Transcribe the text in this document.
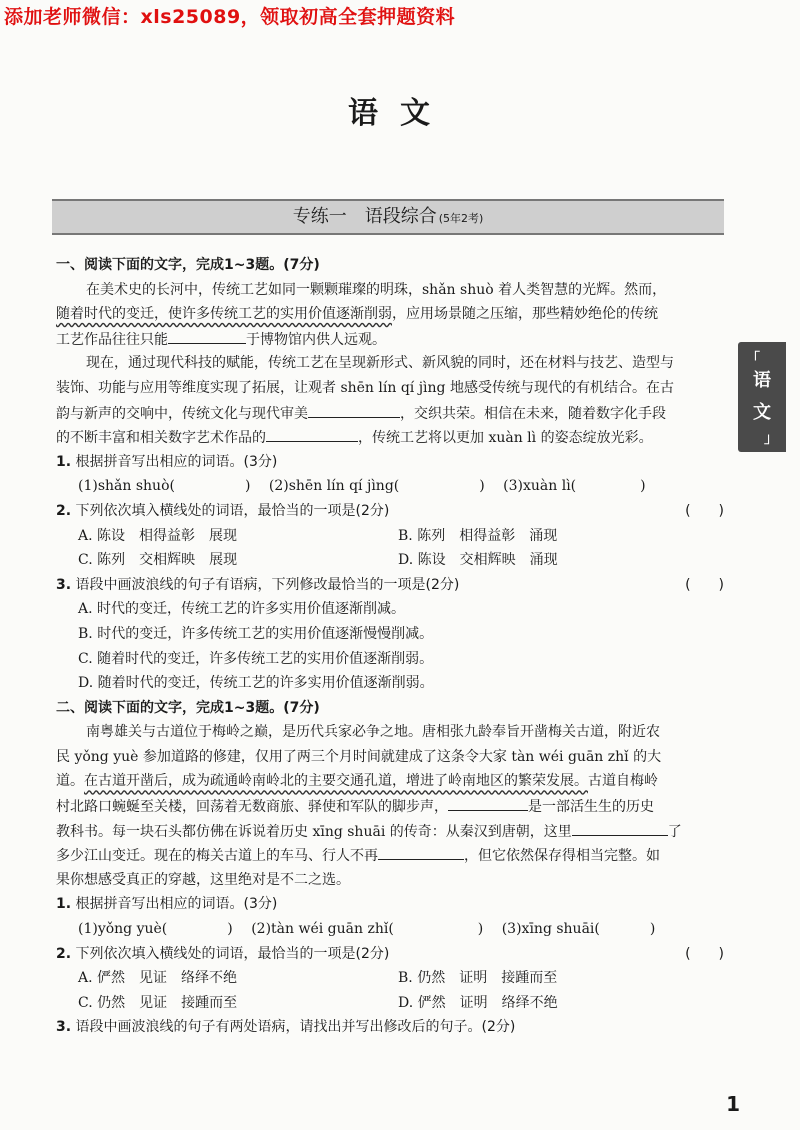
添加老师微信：xls25089，领取初高全套押题资料
语文
专练一　语段综合 (5年2考)
「
语
文
」
一、阅读下面的文字，完成1~3题。(7分)
在美术史的长河中，传统工艺如同一颗颗璀璨的明珠，shǎn shuò 着人类智慧的光辉。然而，
随着时代的变迁，使许多传统工艺的实用价值逐渐削弱，应用场景随之压缩，那些精妙绝伦的传统
工艺作品往往只能	于博物馆内供人远观。
现在，通过现代科技的赋能，传统工艺在呈现新形式、新风貌的同时，还在材料与技艺、造型与
装饰、功能与应用等维度实现了拓展，让观者 shēn lín qí jìng 地感受传统与现代的有机结合。在古
韵与新声的交响中，传统文化与现代审美	，交织共荣。相信在未来，随着数字化手段
的不断丰富和相关数字艺术作品的	，传统工艺将以更加 xuàn lì 的姿态绽放光彩。
1. 根据拼音写出相应的词语。(3分)
(1)shǎn shuò(	) (2)shēn lín qí jìng(	) (3)xuàn lì(	)
2. 下列依次填入横线处的词语，最恰当的一项是(2分)	(　　)
A. 陈设　相得益彰　展现	B. 陈列　相得益彰　涌现
C. 陈列　交相辉映　展现	D. 陈设　交相辉映　涌现
3. 语段中画波浪线的句子有语病，下列修改最恰当的一项是(2分)	(　　)
A. 时代的变迁，传统工艺的许多实用价值逐渐削减。
B. 时代的变迁，许多传统工艺的实用价值逐渐慢慢削减。
C. 随着时代的变迁，许多传统工艺的实用价值逐渐削弱。
D. 随着时代的变迁，传统工艺的许多实用价值逐渐削弱。
二、阅读下面的文字，完成1~3题。(7分)
南粤雄关与古道位于梅岭之巅，是历代兵家必争之地。唐相张九龄奉旨开凿梅关古道，附近农
民 yǒng yuè 参加道路的修建，仅用了两三个月时间就建成了这条令大家 tàn wéi guān zhǐ 的大
道。在古道开凿后，成为疏通岭南岭北的主要交通孔道，增进了岭南地区的繁荣发展。古道自梅岭
村北路口蜿蜒至关楼，回荡着无数商旅、驿使和军队的脚步声，	是一部活生生的历史
教科书。每一块石头都仿佛在诉说着历史 xīng shuāi 的传奇：从秦汉到唐朝，这里	了
多少江山变迁。现在的梅关古道上的车马、行人不再	，但它依然保存得相当完整。如
果你想感受真正的穿越，这里绝对是不二之选。
1. 根据拼音写出相应的词语。(3分)
(1)yǒng yuè(	) (2)tàn wéi guān zhǐ(	) (3)xīng shuāi(	)
2. 下列依次填入横线处的词语，最恰当的一项是(2分)	(　　)
A. 俨然　见证　络绎不绝	B. 仍然　证明　接踵而至
C. 仍然　见证　接踵而至	D. 俨然　证明　络绎不绝
3. 语段中画波浪线的句子有两处语病，请找出并写出修改后的句子。(2分)
1
